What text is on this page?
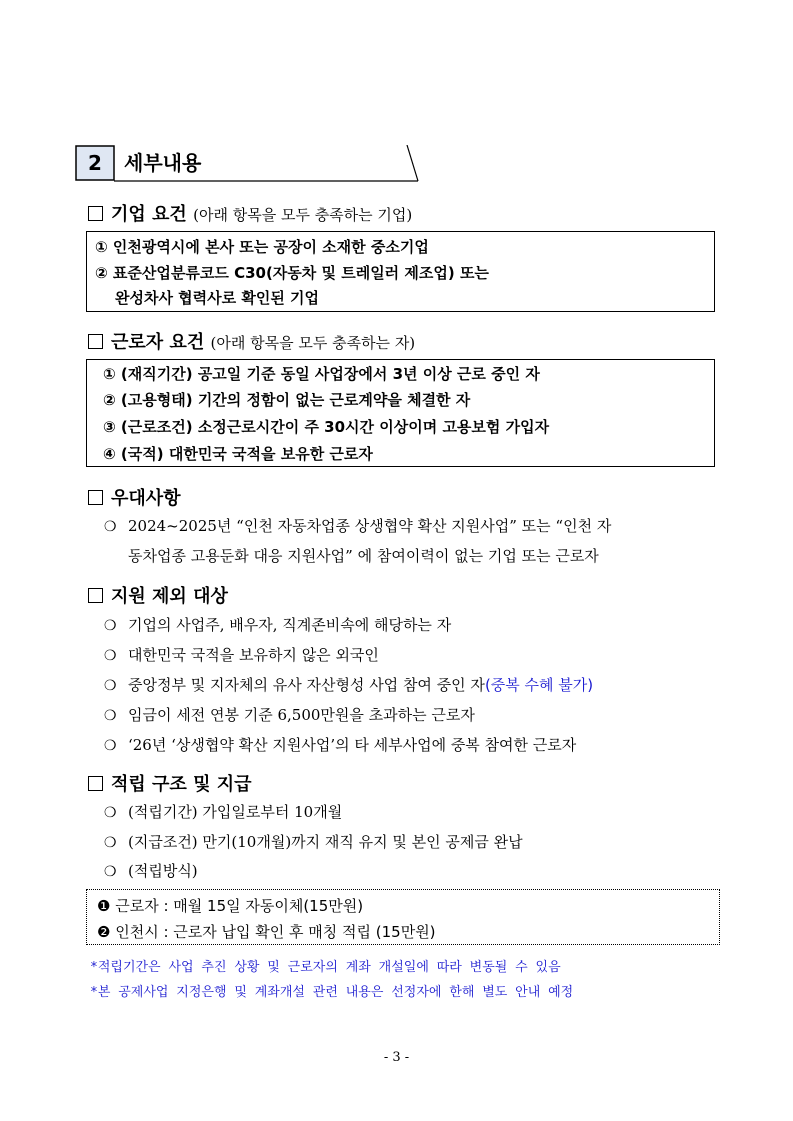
2	세부내용
기업 요건 (아래 항목을 모두 충족하는 기업)
① 인천광역시에 본사 또는 공장이 소재한 중소기업
② 표준산업분류코드 C30(자동차 및 트레일러 제조업) 또는
완성차사 협력사로 확인된 기업
근로자 요건 (아래 항목을 모두 충족하는 자)
① (재직기간) 공고일 기준 동일 사업장에서 3년 이상 근로 중인 자
② (고용형태) 기간의 정함이 없는 근로계약을 체결한 자
③ (근로조건) 소정근로시간이 주 30시간 이상이며 고용보험 가입자
④ (국적) 대한민국 국적을 보유한 근로자
우대사항
❍ 2024~2025년 “인천 자동차업종 상생협약 확산 지원사업” 또는 “인천 자
동차업종 고용둔화 대응 지원사업” 에 참여이력이 없는 기업 또는 근로자
지원 제외 대상
❍ 기업의 사업주, 배우자, 직계존비속에 해당하는 자
❍ 대한민국 국적을 보유하지 않은 외국인
❍ 중앙정부 및 지자체의 유사 자산형성 사업 참여 중인 자(중복 수혜 불가)
❍ 임금이 세전 연봉 기준 6,500만원을 초과하는 근로자
❍ ‘26년 ‘상생협약 확산 지원사업’의 타 세부사업에 중복 참여한 근로자
적립 구조 및 지급
❍ (적립기간) 가입일로부터 10개월
❍ (지급조건) 만기(10개월)까지 재직 유지 및 본인 공제금 완납
❍ (적립방식)
❶ 근로자 : 매월 15일 자동이체(15만원)
❷ 인천시 : 근로자 납입 확인 후 매칭 적립 (15만원)
*적립기간은 사업 추진 상황 및 근로자의 계좌 개설일에 따라 변동될 수 있음
*본 공제사업 지정은행 및 계좌개설 관련 내용은 선정자에 한해 별도 안내 예정
- 3 -
